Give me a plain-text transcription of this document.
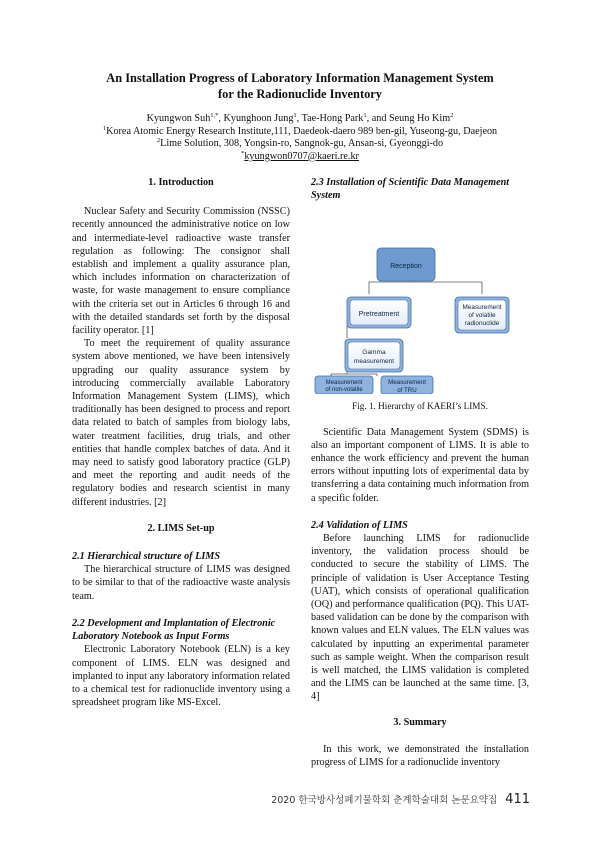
An Installation Progress of Laboratory Information Management System
for the Radionuclide Inventory
Kyungwon Suh$^{1,*}$, Kyunghoon Jung$^1$, Tae-Hong Park$^1$, and Seung Ho Kim$^2$
$^1$Korea Atomic Energy Research Institute,111, Daedeok-daero 989 ben-gil, Yuseong-gu, Daejeon
$^2$Lime Solution, 308, Yongsin-ro, Sangnok-gu, Ansan-si, Gyeonggi-do
*kyungwon0707@kaeri.re.kr
1. Introduction

Nuclear Safety and Security Commission (NSSC) recently announced the administrative notice on low and intermediate-level radioactive waste transfer regulation as following: The consignor shall establish and implement a quality assurance plan, which includes information on characterization of waste, for waste management to ensure compliance with the criteria set out in Articles 6 through 16 and with the detailed standards set forth by the disposal facility operator. [1]

To meet the requirement of quality assurance system above mentioned, we have been intensively upgrading our quality assurance system by introducing commercially available Laboratory Information Management System (LIMS), which traditionally has been designed to process and report data related to batch of samples from biology labs, water treatment facilities, drug trials, and other entities that handle complex batches of data. And it may need to satisfy good laboratory practice (GLP) and meet the reporting and audit needs of the regulatory bodies and research scientist in many different industries. [2]

2. LIMS Set-up
2.1 Hierarchical structure of LIMS

The hierarchical structure of LIMS was designed to be similar to that of the radioactive waste analysis team.

2.2 Development and Implantation of Electronic Laboratory Notebook as Input Forms

Electronic Laboratory Notebook (ELN) is a key component of LIMS. ELN was designed and implanted to input any laboratory information related to a chemical test for radionuclide inventory using a spreadsheet program like MS-Excel.

2.3 Installation of Scientific Data Management System
Reception
Pretreatment
Measurement
of volatile
radionuclide
Gamma
measurement
Measurement
of non-volatile
Measurement
of TRU
Fig. 1. Hierarchy of KAERI’s LIMS.

Scientific Data Management System (SDMS) is also an important component of LIMS. It is able to enhance the work efficiency and prevent the human errors without inputting lots of experimental data by transferring a data containing much information from a specific folder.

2.4 Validation of LIMS

Before launching LIMS for radionuclide inventory, the validation process should be conducted to secure the stability of LIMS. The principle of validation is User Acceptance Testing (UAT), which consists of operational qualification (OQ) and performance qualification (PQ). This UAT-based validation can be done by the comparison with known values and ELN values. The ELN values was calculated by inputting an experimental parameter such as sample weight. When the comparison result is well matched, the LIMS validation is completed and the LIMS can be launched at the same time. [3, 4]

3. Summary

In this work, we demonstrated the installation progress of LIMS for a radionuclide inventory

2020 한국방사성폐기물학회 춘계학술대회 논문요약집 411
